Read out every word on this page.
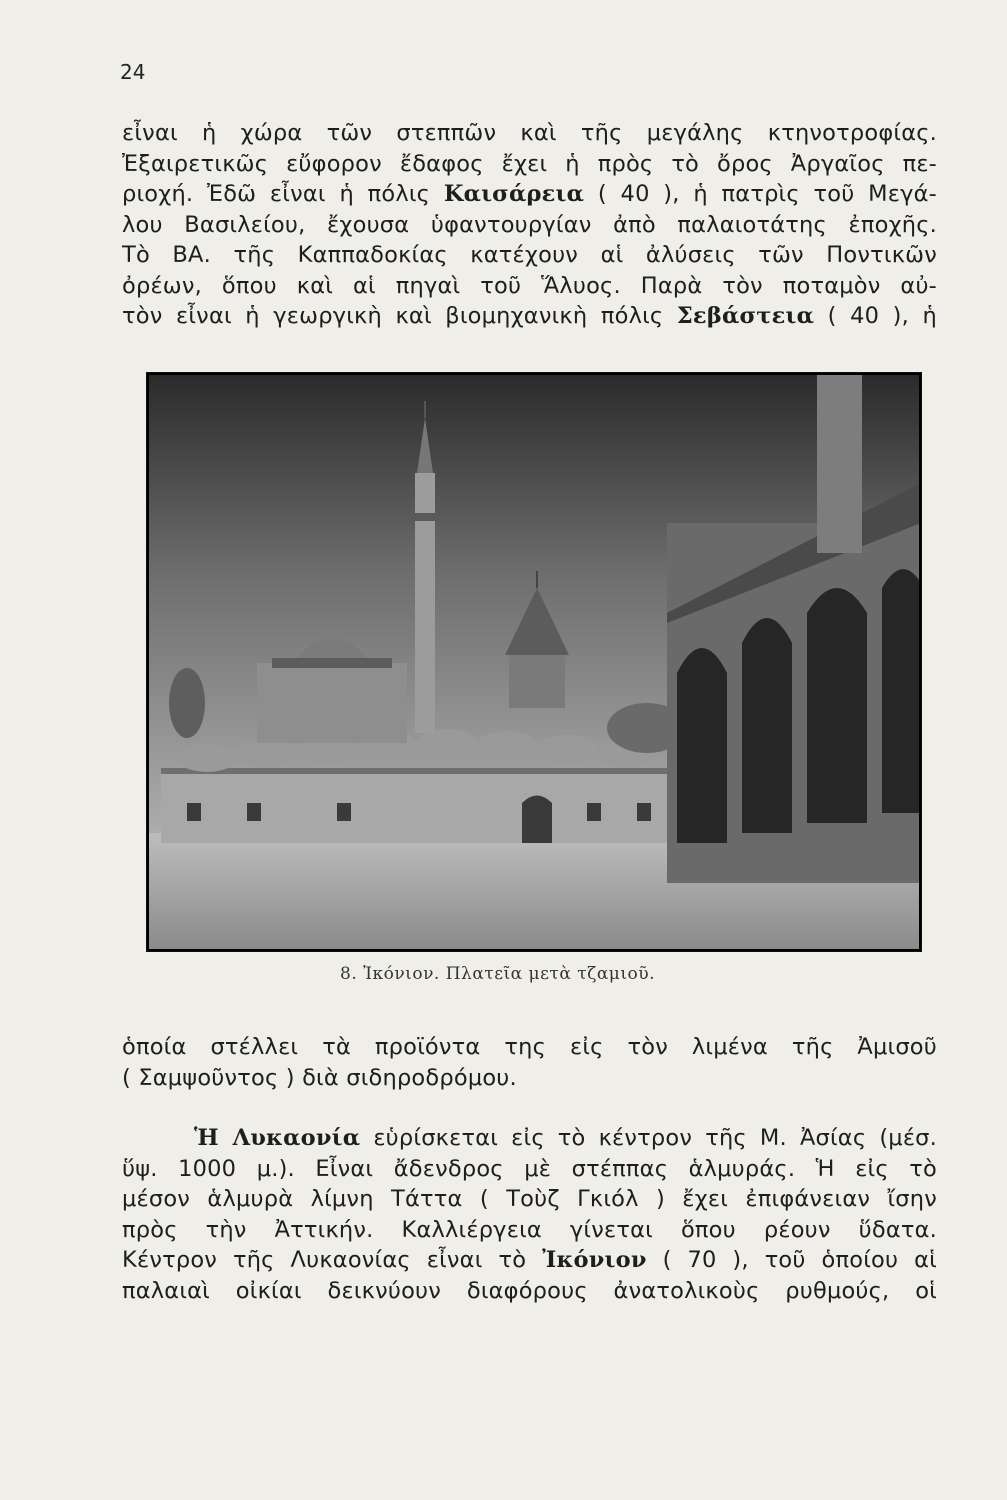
24
εἶναι ἡ χώρα τῶν στεππῶν καὶ τῆς μεγάλης κτηνοτροφίας.
Ἐξαιρετικῶς εὔφορον ἔδαφος ἔχει ἡ πρὸς τὸ ὄρος Ἀργαῖος πε-
ριοχή. Ἐδῶ εἶναι ἡ πόλις Καισάρεια ( 40 ), ἡ πατρὶς τοῦ Μεγά-
λου Βασιλείου, ἔχουσα ὑφαντουργίαν ἀπὸ παλαιοτάτης ἐποχῆς.
Τὸ ΒΑ. τῆς Καππαδοκίας κατέχουν αἱ ἀλύσεις τῶν Ποντικῶν
ὀρέων, ὅπου καὶ αἱ πηγαὶ τοῦ Ἅλυος. Παρὰ τὸν ποταμὸν αὐ-
τὸν εἶναι ἡ γεωργικὴ καὶ βιομηχανικὴ πόλις Σεβάστεια ( 40 ), ἡ
8. Ἰκόνιον. Πλατεῖα μετὰ τζαμιοῦ.
ὁποία στέλλει τὰ προϊόντα της εἰς τὸν λιμένα τῆς Ἀμισοῦ
( Σαμψοῦντος ) διὰ σιδηροδρόμου.
Ἡ Λυκαονία εὑρίσκεται εἰς τὸ κέντρον τῆς Μ. Ἀσίας (μέσ.
ὕψ. 1000 μ.). Εἶναι ἄδενδρος μὲ στέππας ἁλμυράς. Ἡ εἰς τὸ
μέσον ἁλμυρὰ λίμνη Τάττα ( Τοὺζ Γκιόλ ) ἔχει ἐπιφάνειαν ἴσην
πρὸς τὴν Ἀττικήν. Καλλιέργεια γίνεται ὅπου ρέουν ὕδατα.
Κέντρον τῆς Λυκαονίας εἶναι τὸ Ἰκόνιον ( 70 ), τοῦ ὁποίου αἱ
παλαιαὶ οἰκίαι δεικνύουν διαφόρους ἀνατολικοὺς ρυθμούς, οἱ
